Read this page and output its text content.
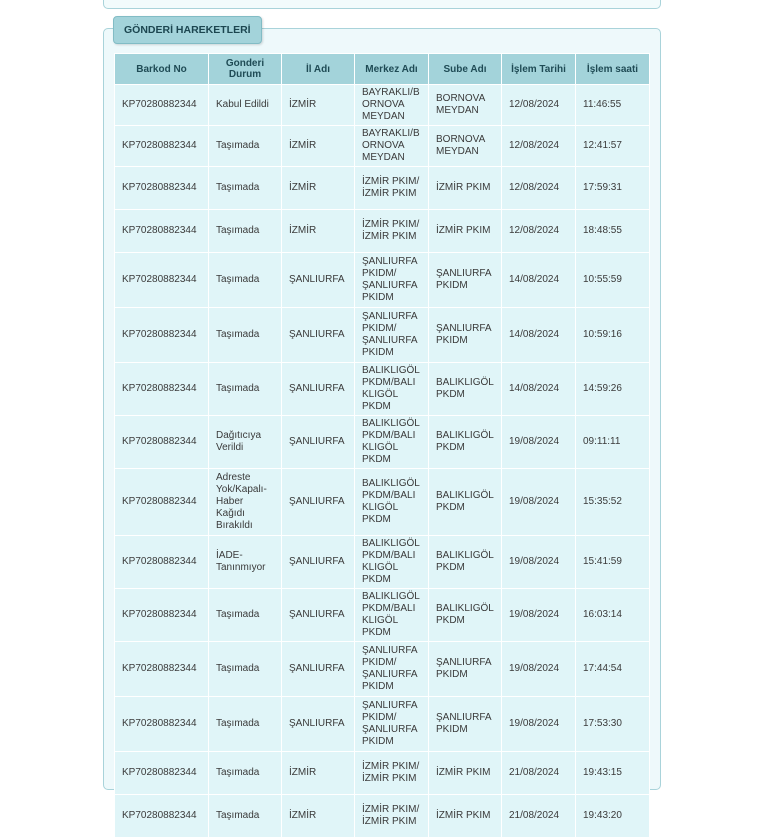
GÖNDERİ HAREKETLERİ
Barkod No	Gonderi Durum	İl Adı	Merkez Adı	Sube Adı	İşlem Tarihi	İşlem saati
KP70280882344	Kabul Edildi	İZMİR	BAYRAKLI/BORNOVA MEYDAN	BORNOVA MEYDAN	12/08/2024	11:46:55
KP70280882344	Taşımada	İZMİR	BAYRAKLI/BORNOVA MEYDAN	BORNOVA MEYDAN	12/08/2024	12:41:57
KP70280882344	Taşımada	İZMİR	İZMİR PKIM/İZMİR PKIM	İZMİR PKIM	12/08/2024	17:59:31
KP70280882344	Taşımada	İZMİR	İZMİR PKIM/İZMİR PKIM	İZMİR PKIM	12/08/2024	18:48:55
KP70280882344	Taşımada	ŞANLIURFA	ŞANLIURFA PKIDM/ ŞANLIURFA PKIDM	ŞANLIURFA PKIDM	14/08/2024	10:55:59
KP70280882344	Taşımada	ŞANLIURFA	ŞANLIURFA PKIDM/ ŞANLIURFA PKIDM	ŞANLIURFA PKIDM	14/08/2024	10:59:16
KP70280882344	Taşımada	ŞANLIURFA	BALIKLIGÖL PKDM/BALIKLIGÖL PKDM	BALIKLIGÖL PKDM	14/08/2024	14:59:26
KP70280882344	Dağıtıcıya Verildi	ŞANLIURFA	BALIKLIGÖL PKDM/BALIKLIGÖL PKDM	BALIKLIGÖL PKDM	19/08/2024	09:11:11
KP70280882344	Adreste Yok/Kapalı-Haber Kağıdı Bırakıldı	ŞANLIURFA	BALIKLIGÖL PKDM/BALIKLIGÖL PKDM	BALIKLIGÖL PKDM	19/08/2024	15:35:52
KP70280882344	İADE-Tanınmıyor	ŞANLIURFA	BALIKLIGÖL PKDM/BALIKLIGÖL PKDM	BALIKLIGÖL PKDM	19/08/2024	15:41:59
KP70280882344	Taşımada	ŞANLIURFA	BALIKLIGÖL PKDM/BALIKLIGÖL PKDM	BALIKLIGÖL PKDM	19/08/2024	16:03:14
KP70280882344	Taşımada	ŞANLIURFA	ŞANLIURFA PKIDM/ ŞANLIURFA PKIDM	ŞANLIURFA PKIDM	19/08/2024	17:44:54
KP70280882344	Taşımada	ŞANLIURFA	ŞANLIURFA PKIDM/ ŞANLIURFA PKIDM	ŞANLIURFA PKIDM	19/08/2024	17:53:30
KP70280882344	Taşımada	İZMİR	İZMİR PKIM/İZMİR PKIM	İZMİR PKIM	21/08/2024	19:43:15
KP70280882344	Taşımada	İZMİR	İZMİR PKIM/İZMİR PKIM	İZMİR PKIM	21/08/2024	19:43:20
